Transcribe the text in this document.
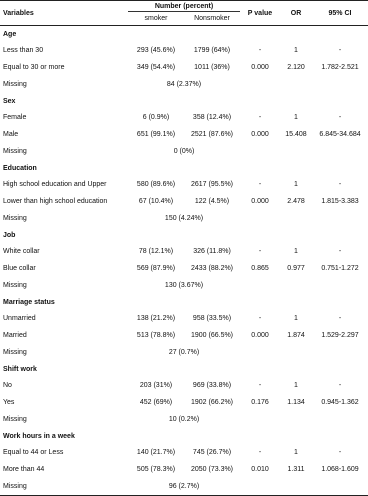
Variables	Number (percent)		P value	OR	95% CI
	smoker	Nonsmoker			
Age					
Less than 30	293 (45.6%)	1799 (64%)	-	1	-
Equal to 30 or more	349 (54.4%)	1011 (36%)	0.000	2.120	1.782-2.521
Missing	84 (2.37%)				
Sex					
Female	6 (0.9%)	358 (12.4%)	-	1	-
Male	651 (99.1%)	2521 (87.6%)	0.000	15.408	6.845-34.684
Missing	0 (0%)				
Education					
High school education and Upper	580 (89.6%)	2617 (95.5%)	-	1	-
Lower than high school education	67 (10.4%)	122 (4.5%)	0.000	2.478	1.815-3.383
Missing	150 (4.24%)				
Job					
White collar	78 (12.1%)	326 (11.8%)	-	1	-
Blue collar	569 (87.9%)	2433 (88.2%)	0.865	0.977	0.751-1.272
Missing	130 (3.67%)				
Marriage status					
Unmarried	138 (21.2%)	958 (33.5%)	-	1	-
Married	513 (78.8%)	1900 (66.5%)	0.000	1.874	1.529-2.297
Missing	27 (0.7%)				
Shift work					
No	203 (31%)	969 (33.8%)	-	1	-
Yes	452 (69%)	1902 (66.2%)	0.176	1.134	0.945-1.362
Missing	10 (0.2%)				
Work hours in a week					
Equal to 44 or Less	140 (21.7%)	745 (26.7%)	-	1	-
More than 44	505 (78.3%)	2050 (73.3%)	0.010	1.311	1.068-1.609
Missing	96 (2.7%)				
